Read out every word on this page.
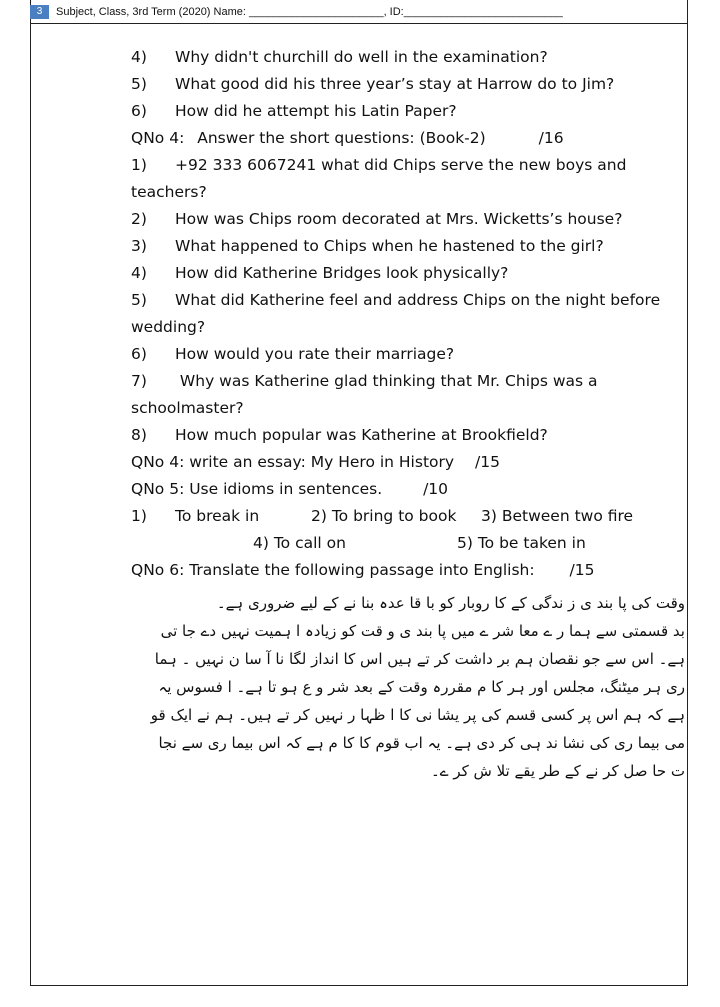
3	Subject, Class, 3rd Term (2020) Name: ______________________, ID:__________________________
4) Why didn't churchill do well in the examination?
5) What good did his three year’s stay at Harrow do to Jim?
6) How did he attempt his Latin Paper?
QNo 4: Answer the short questions: (Book-2)	/16
1) +92 333 6067241 what did Chips serve the new boys and
teachers?
2) How was Chips room decorated at Mrs. Wicketts’s house?
3) What happened to Chips when he hastened to the girl?
4) How did Katherine Bridges look physically?
5) What did Katherine feel and address Chips on the night before
wedding?
6) How would you rate their marriage?
7) Why was Katherine glad thinking that Mr. Chips was a
schoolmaster?
8) How much popular was Katherine at Brookfield?
QNo 4: write an essay: My Hero in History /15
QNo 5: Use idioms in sentences.	/10
1) To break in	2) To bring to book 3) Between two fire
4) To call on	5) To be taken in
QNo 6: Translate the following passage into English: /15
وقت کی پا بند ی ز ندگی کے کا روبار کو با قا عدہ بنا نے کے لیے ضروری ہے۔
بد قسمتی سے ہما ر ے معا شر ے میں پا بند ی و قت کو زیادہ ا ہمیت نہیں دے جا تی
ہے۔ اس سے جو نقصان ہم بر داشت کر تے ہیں اس کا انداز لگا نا آ سا ن نہیں ۔ ہما
ری ہر میٹنگ، مجلس اور ہر کا م مقررہ وقت کے بعد شر و ع ہو تا ہے۔ ا فسوس یہ
ہے کہ ہم اس پر کسی قسم کی پر یشا نی کا ا ظہا ر نہیں کر تے ہیں۔ ہم نے ایک قو
می بیما ری کی نشا ند ہی کر دی ہے۔ یہ اب قوم کا کا م ہے کہ اس بیما ری سے نجا
ت حا صل کر نے کے طر یقے تلا ش کر ے۔
